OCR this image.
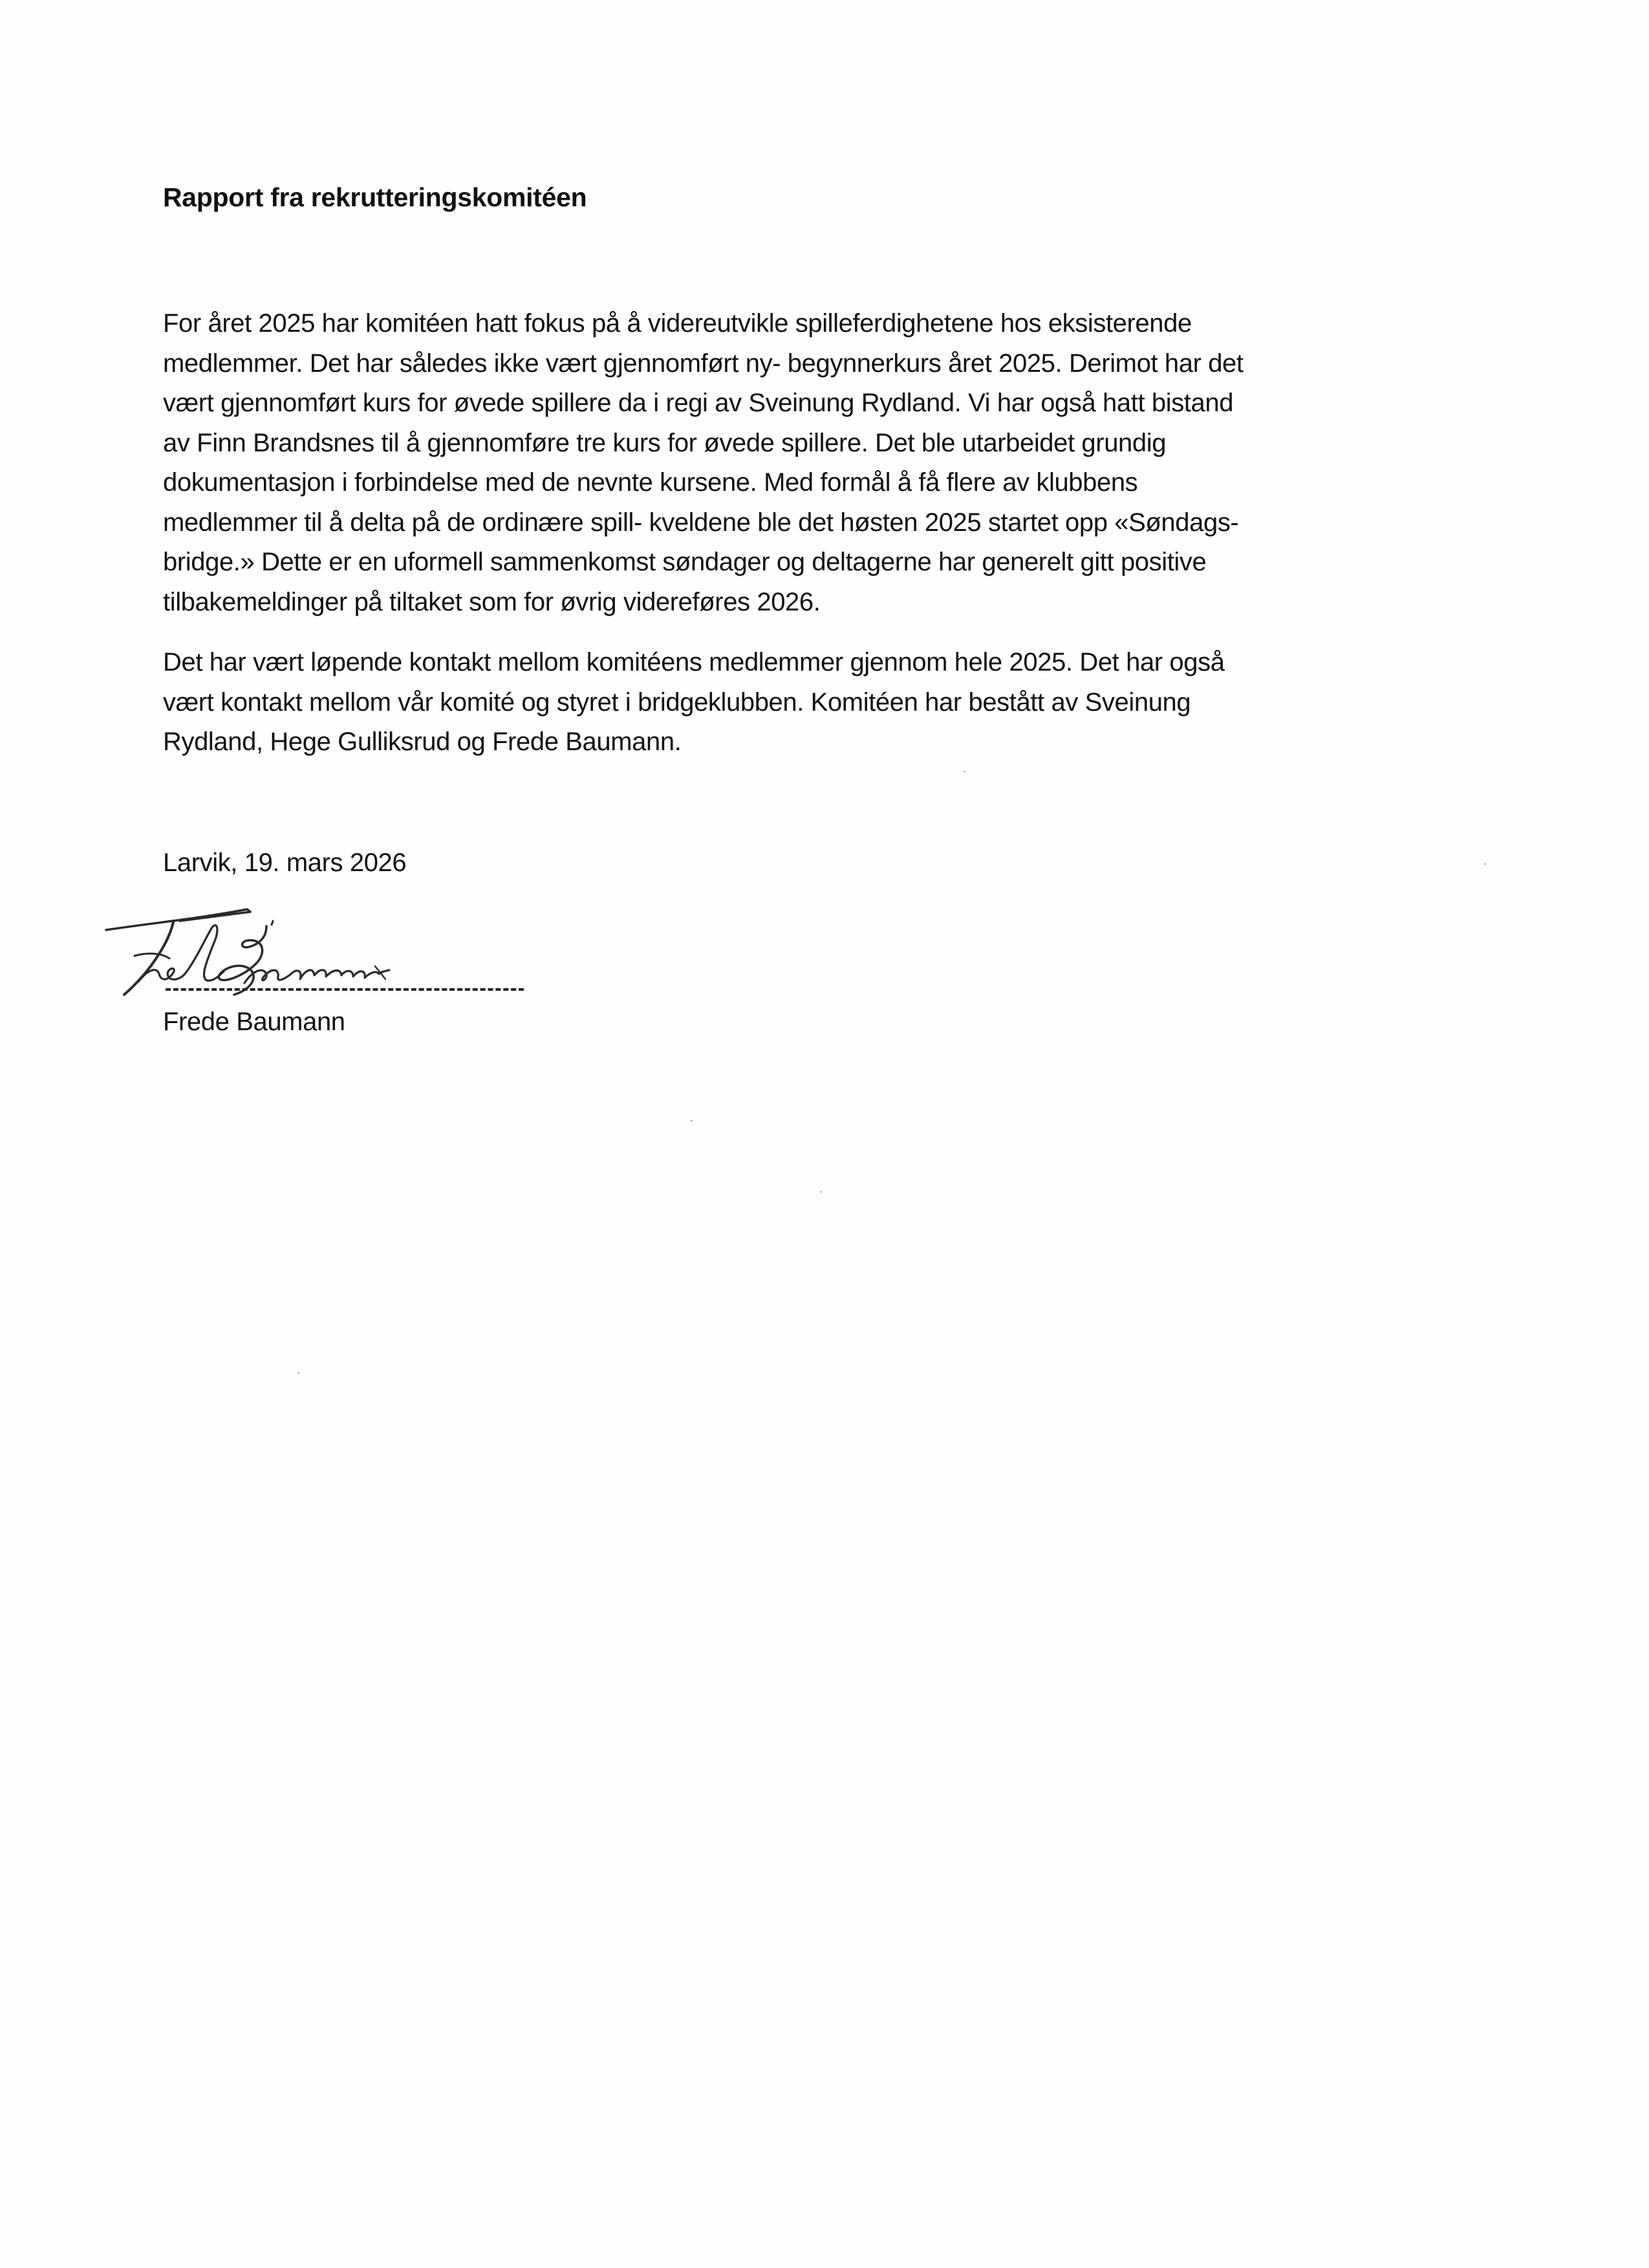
Rapport fra rekrutteringskomitéen

For året 2025 har komitéen hatt fokus på å videreutvikle spilleferdighetene hos eksisterende
medlemmer. Det har således ikke vært gjennomført ny- begynnerkurs året 2025. Derimot har det
vært gjennomført kurs for øvede spillere da i regi av Sveinung Rydland. Vi har også hatt bistand
av Finn Brandsnes til å gjennomføre tre kurs for øvede spillere. Det ble utarbeidet grundig
dokumentasjon i forbindelse med de nevnte kursene. Med formål å få flere av klubbens
medlemmer til å delta på de ordinære spill- kveldene ble det høsten 2025 startet opp «Søndags-
bridge.» Dette er en uformell sammenkomst søndager og deltagerne har generelt gitt positive
tilbakemeldinger på tiltaket som for øvrig videreføres 2026.

Det har vært løpende kontakt mellom komitéens medlemmer gjennom hele 2025. Det har også
vært kontakt mellom vår komité og styret i bridgeklubben. Komitéen har bestått av Sveinung
Rydland, Hege Gulliksrud og Frede Baumann.

Larvik, 19. mars 2026

Frede Baumann
